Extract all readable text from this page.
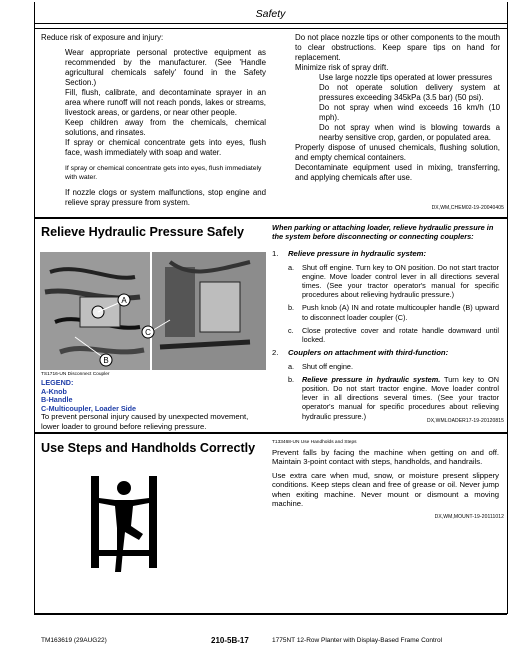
Safety

Reduce risk of exposure and injury:

Wear appropriate personal protective equipment as recommended by the manufacturer. (See 'Handle agricultural chemicals safely' found in the Safety Section.)

Fill, flush, calibrate, and decontaminate sprayer in an area where runoff will not reach ponds, lakes or streams, livestock areas, or gardens, or near other people.

Keep children away from the chemicals, chemical solutions, and rinsates.

If spray or chemical concentrate gets into eyes, flush face, wash immediately with soap and water.

If spray or chemical concentrate gets into eyes, flush immediately with water.

If nozzle clogs or system malfunctions, stop engine and relieve spray pressure from system.

Do not place nozzle tips or other components to the mouth to clear obstructions. Keep spare tips on hand for replacement.

Minimize risk of spray drift.

Use large nozzle tips operated at lower pressures

Do not operate solution delivery system at pressures exceeding 345kPa (3.5 bar) (50 psi).

Do not spray when wind exceeds 16 km/h (10 mph).

Do not spray when wind is blowing towards a nearby sensitive crop, garden, or populated area.

Properly dispose of unused chemicals, flushing solution, and empty chemical containers.

Decontaminate equipment used in mixing, transferring, and applying chemicals after use.

DX,WM,CHEM02-19-20040405
Relieve Hydraulic Pressure Safely
A
B
C
TS1716-UN Disconnect Coupler
LEGEND:
A-Knob
B-Handle
C-Multicoupler, Loader Side
To prevent personal injury caused by unexpected movement, lower loader to ground before relieving pressure.

When parking or attaching loader, relieve hydraulic pressure in the system before disconnecting or connecting couplers:

1.	Relieve pressure in hydraulic system:
a.	Shut off engine. Turn key to ON position. Do not start tractor engine. Move loader control lever in all directions several times. (See your tractor operator's manual for specific procedures about relieving hydraulic pressure.)
b.	Push knob (A) IN and rotate multicoupler handle (B) upward to disconnect loader coupler (C).
c.	Close protective cover and rotate handle downward until locked.
2.	Couplers on attachment with third-function:
a.	Shut off engine.
b.	Relieve pressure in hydraulic system. Turn key to ON position. Do not start tractor engine. Move loader control lever in all directions several times. (See your tractor operator's manual for specific procedures about relieving hydraulic pressure.)
DX,WMLOADER17-19-20120815
Use Steps and Handholds Correctly	T133468-UN Use Handholds and Steps

Prevent falls by facing the machine when getting on and off. Maintain 3-point contact with steps, handholds, and handrails.

Use extra care when mud, snow, or moisture present slippery conditions. Keep steps clean and free of grease or oil. Never jump when exiting machine. Never mount or dismount a moving machine.

DX,WM,MOUNT-19-20111012
TM163619 (29AUG22)	210-5B-17	1775NT 12-Row Planter with Display-Based Frame Control
